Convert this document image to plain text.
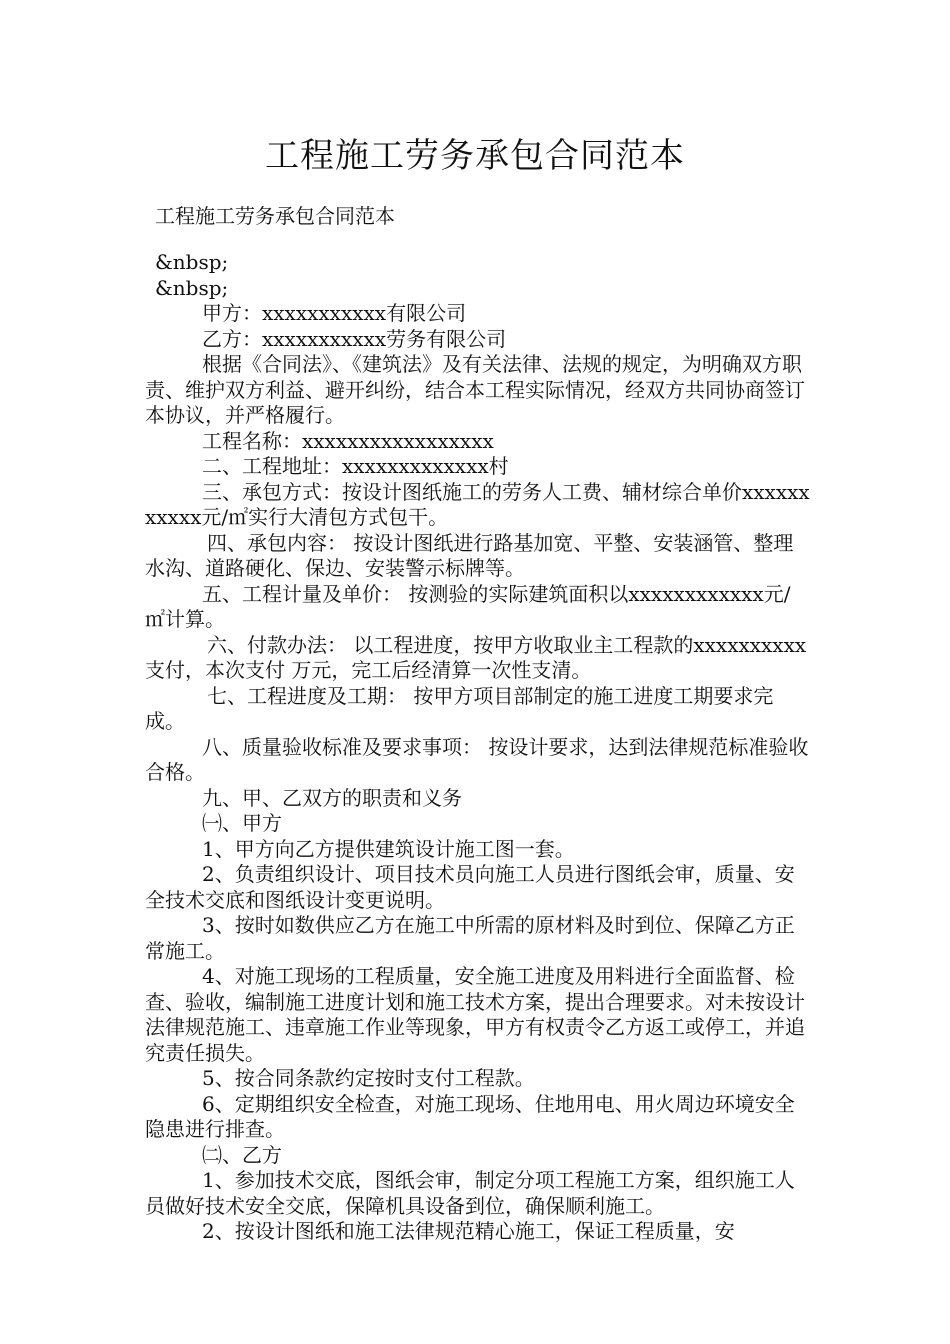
工程施工劳务承包合同范本
工程施工劳务承包合同范本

&nbsp;

&nbsp;

甲方：xxxxxxxxxxx有限公司

乙方：xxxxxxxxxxx劳务有限公司

根据《合同法》、《建筑法》及有关法律、法规的规定，为明确双方职责、维护双方利益、避开纠纷，结合本工程实际情况，经双方共同协商签订本协议，并严格履行。

工程名称：xxxxxxxxxxxxxxxxx

二、工程地址：xxxxxxxxxxxxx村

三、承包方式：按设计图纸施工的劳务人工费、辅材综合单价xxxxxxxxxxx元/㎡实行大清包方式包干。

四、承包内容： 按设计图纸进行路基加宽、平整、安装涵管、整理水沟、道路硬化、保边、安装警示标牌等。

五、工程计量及单价： 按测验的实际建筑面积以xxxxxxxxxxxx元/㎡计算。

六、付款办法： 以工程进度，按甲方收取业主工程款的xxxxxxxxxx支付，本次支付 万元，完工后经清算一次性支清。

七、工程进度及工期： 按甲方项目部制定的施工进度工期要求完成。

八、质量验收标准及要求事项： 按设计要求，达到法律规范标准验收合格。

九、甲、乙双方的职责和义务

㈠、甲方

1、甲方向乙方提供建筑设计施工图一套。

2、负责组织设计、项目技术员向施工人员进行图纸会审，质量、安全技术交底和图纸设计变更说明。

3、按时如数供应乙方在施工中所需的原材料及时到位、保障乙方正常施工。

4、对施工现场的工程质量，安全施工进度及用料进行全面监督、检查、验收，编制施工进度计划和施工技术方案，提出合理要求。对未按设计法律规范施工、违章施工作业等现象，甲方有权责令乙方返工或停工，并追究责任损失。

5、按合同条款约定按时支付工程款。

6、定期组织安全检查，对施工现场、住地用电、用火周边环境安全隐患进行排查。

㈡、乙方

1、参加技术交底，图纸会审，制定分项工程施工方案，组织施工人员做好技术安全交底，保障机具设备到位，确保顺利施工。

2、按设计图纸和施工法律规范精心施工，保证工程质量，安
